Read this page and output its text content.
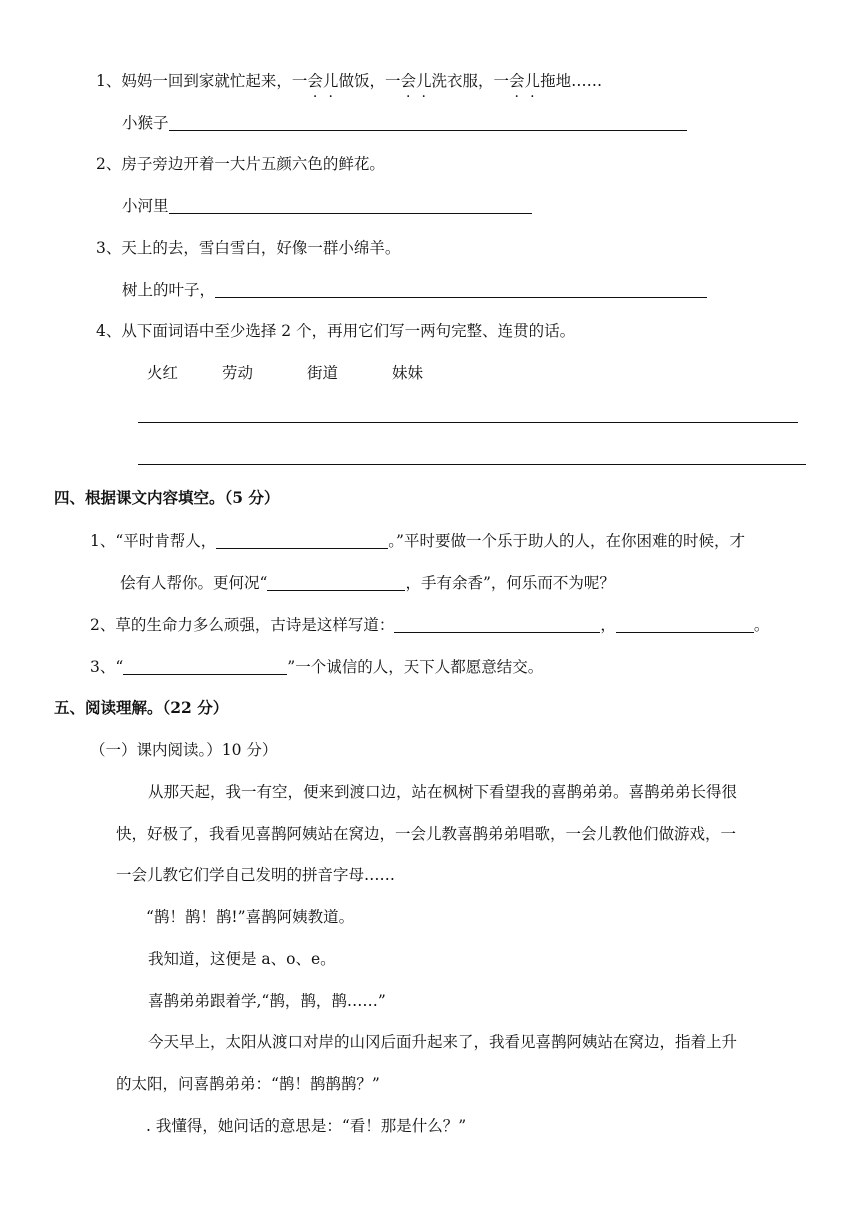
1、妈妈一回到家就忙起来，一会儿做饭，一会儿洗衣服，一会儿拖地……
小猴子
2、房子旁边开着一大片五颜六色的鲜花。
小河里
3、天上的去，雪白雪白，好像一群小绵羊。
树上的叶子，
4、从下面词语中至少选择 2 个，再用它们写一两句完整、连贯的话。
火红	劳动	街道	妹妹
四、根据课文内容填空。（5 分）
1、“平时肯帮人，	。”平时要做一个乐于助人的人，在你困难的时候，才
侩有人帮你。更何况“	，手有余香”，何乐而不为呢？
2、草的生命力多么顽强，古诗是这样写道：	，	。
3、“	”一个诚信的人，天下人都愿意结交。
五、阅读理解。（22 分）
（一）课内阅读。）10 分）
从那天起，我一有空，便来到渡口边，站在枫树下看望我的喜鹊弟弟。喜鹊弟弟长得很
快，好极了，我看见喜鹊阿姨站在窝边，一会儿教喜鹊弟弟唱歌，一会儿教他们做游戏，一
一会儿教它们学自己发明的拼音字母……
“鹊！鹊！鹊!”喜鹊阿姨教道。
我知道，这便是 a、o、e。
喜鹊弟弟跟着学,“鹊，鹊，鹊……”
今天早上，太阳从渡口对岸的山冈后面升起来了，我看见喜鹊阿姨站在窝边，指着上升
的太阳，问喜鹊弟弟：“鹊！鹊鹊鹊？”
. 我懂得，她问话的意思是：“看！那是什么？”
